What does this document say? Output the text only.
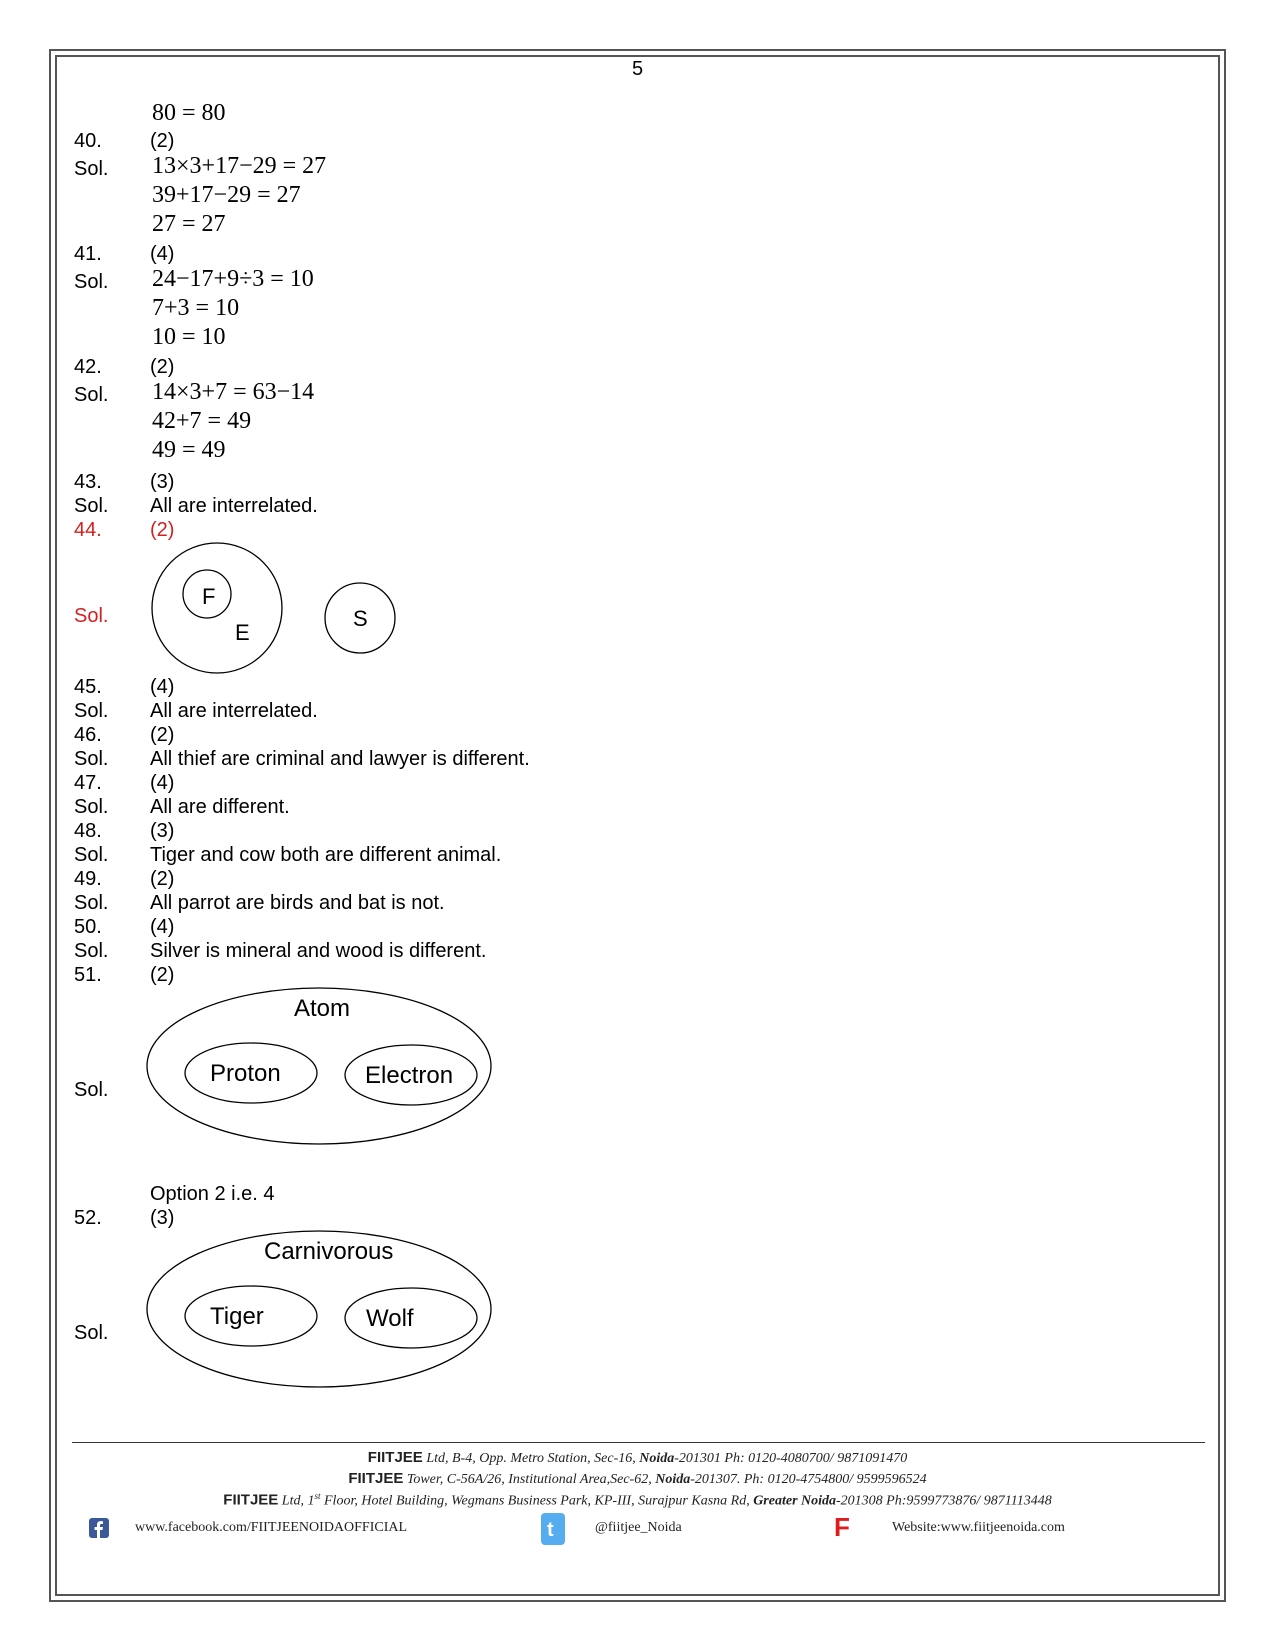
5
80 = 80
40. (2)
Sol. 13×3+17−29 = 27
39+17−29 = 27
27 = 27
41. (4)
Sol. 24−17+9÷3 = 10
7+3 = 10
10 = 10
42. (2)
Sol. 14×3+7 = 63−14
42+7 = 49
49 = 49
43. (3)
Sol. All are interrelated.
44. (2)
Sol.
F
E
S
45. (4)
Sol. All are interrelated.
46. (2)
Sol. All thief are criminal and lawyer is different.
47. (4)
Sol. All are different.
48. (3)
Sol. Tiger and cow both are different animal.
49. (2)
Sol. All parrot are birds and bat is not.
50. (4)
Sol. Silver is mineral and wood is different.
51. (2)
Atom
Proton	Electron
Sol.
Option 2 i.e. 4
52. (3)
Carnivorous
Tiger	Wolf
Sol.
FIITJEE Ltd, B-4, Opp. Metro Station, Sec-16, Noida-201301 Ph: 0120-4080700/ 9871091470
FIITJEE Tower, C-56A/26, Institutional Area,Sec-62, Noida-201307. Ph: 0120-4754800/ 9599596524
FIITJEE Ltd, 1st Floor, Hotel Building, Wegmans Business Park, KP-III, Surajpur Kasna Rd, Greater Noida-201308 Ph:9599773876/ 9871113448
www.facebook.com/FIITJEENOIDAOFFICIAL	t	@fiitjee_Noida	F	Website:www.fiitjeenoida.com
